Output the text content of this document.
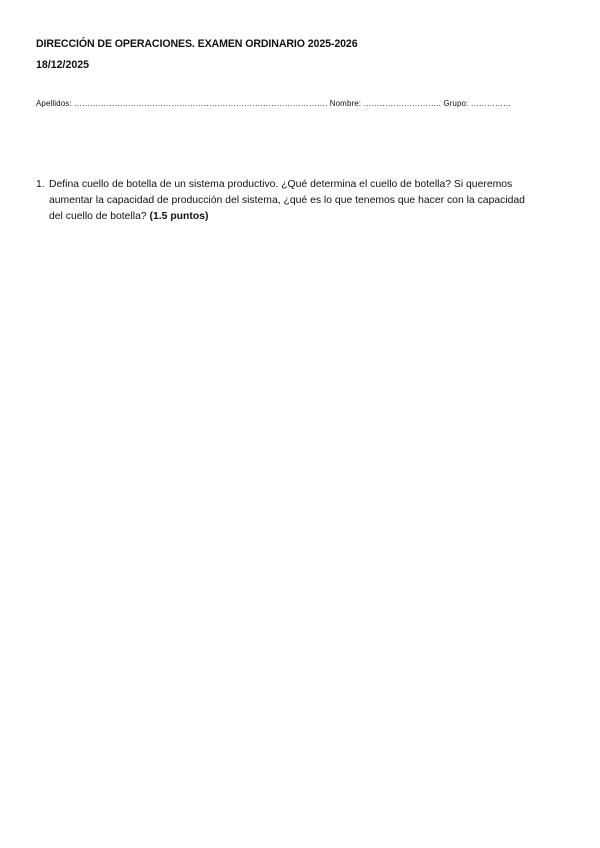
DIRECCIÓN DE OPERACIONES. EXAMEN ORDINARIO 2025-2026
18/12/2025
Apellidos: …………………………………………………………………………………. Nombre: ……………………….. Grupo: ……………
1. Defina cuello de botella de un sistema productivo. ¿Qué determina el cuello de botella? Si queremos
aumentar la capacidad de producción del sistema, ¿qué es lo que tenemos que hacer con la capacidad
del cuello de botella? (1.5 puntos)
